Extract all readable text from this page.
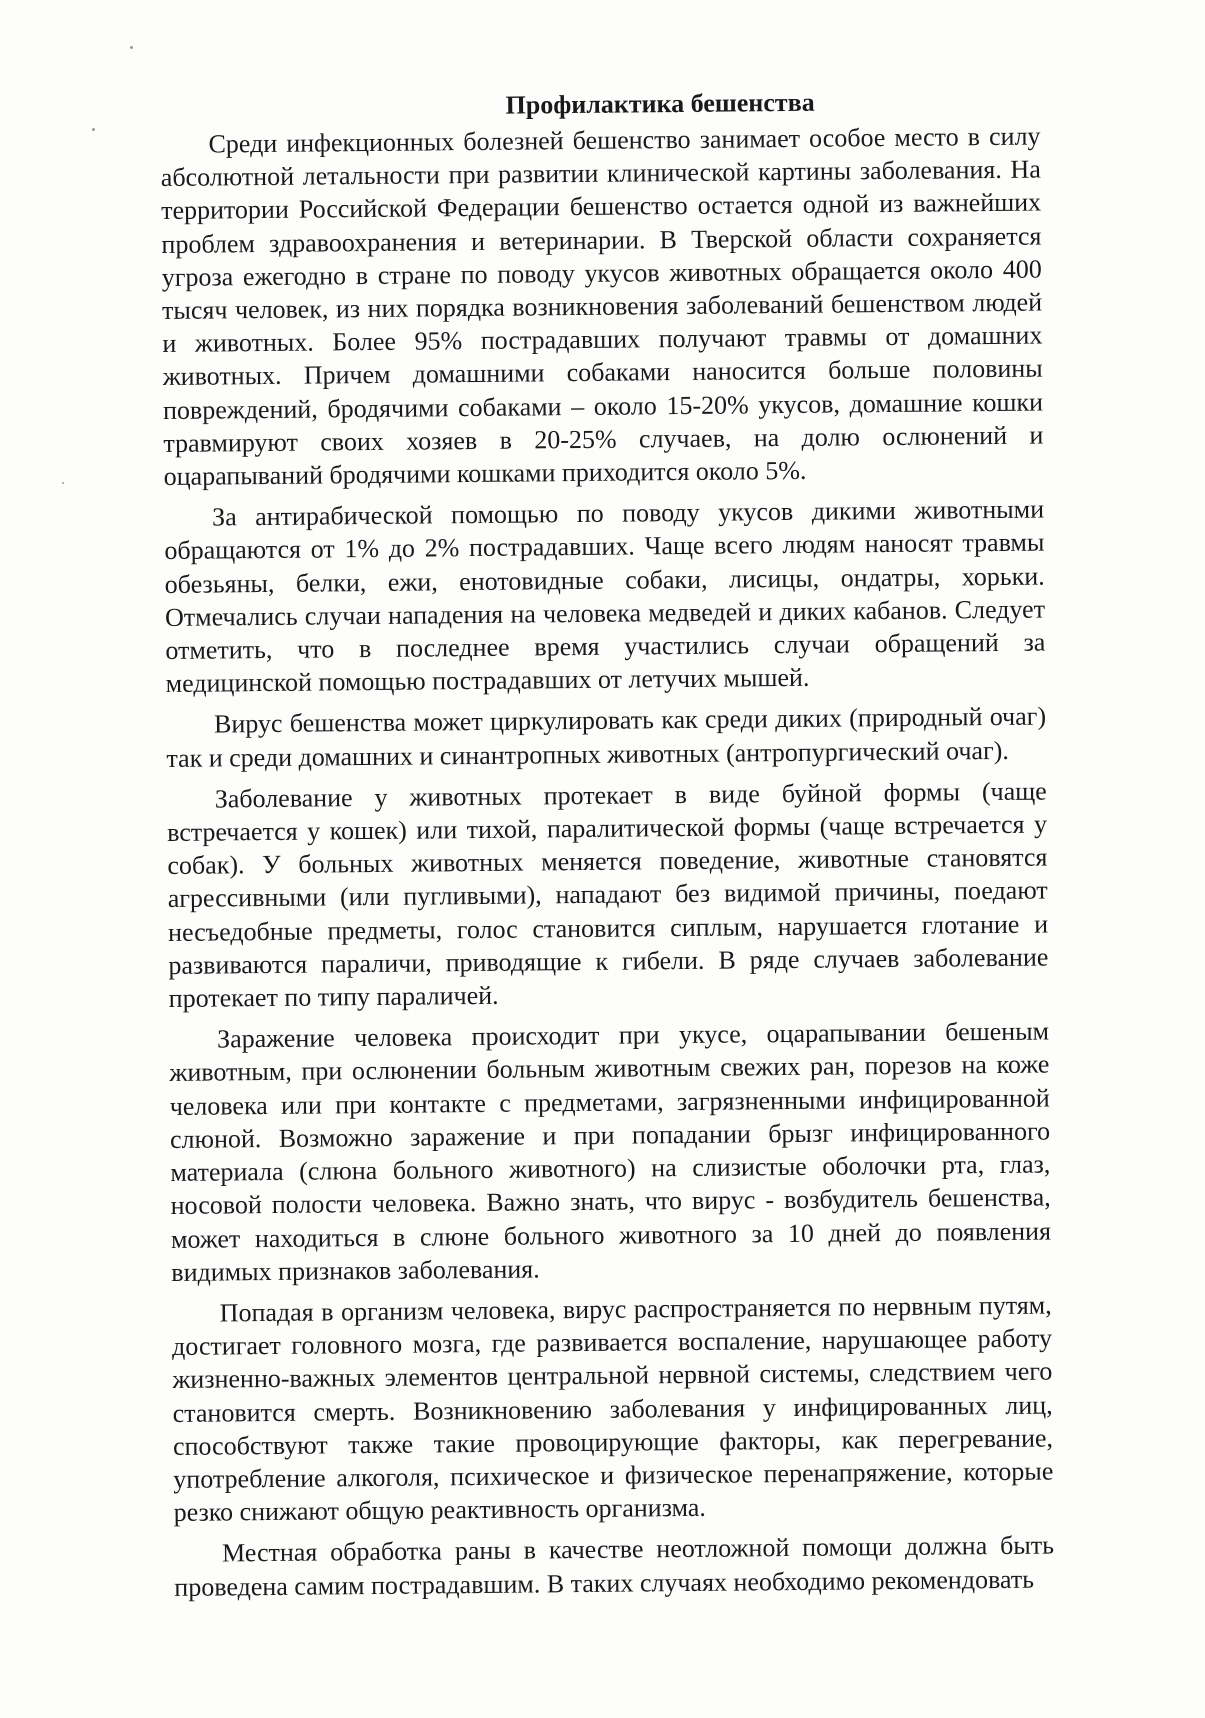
Профилактика бешенства

Среди инфекционных болезней бешенство занимает особое место в силу абсолютной летальности при развитии клинической картины заболевания. На территории Российской Федерации бешенство остается одной из важнейших проблем здравоохранения и ветеринарии. В Тверской области сохраняется угроза ежегодно в стране по поводу укусов животных обращается около 400 тысяч человек, из них порядка возникновения заболеваний бешенством людей и животных. Более 95% пострадавших получают травмы от домашних животных. Причем домашними собаками наносится больше половины повреждений, бродячими собаками – около 15-20% укусов, домашние кошки травмируют своих хозяев в 20-25% случаев, на долю ослюнений и оцарапываний бродячими кошками приходится около 5%.

За антирабической помощью по поводу укусов дикими животными обращаются от 1% до 2% пострадавших. Чаще всего людям наносят травмы обезьяны, белки, ежи, енотовидные собаки, лисицы, ондатры, хорьки. Отмечались случаи нападения на человека медведей и диких кабанов. Следует отметить, что в последнее время участились случаи обращений за медицинской помощью пострадавших от летучих мышей.

Вирус бешенства может циркулировать как среди диких (природный очаг) так и среди домашних и синантропных животных (антропургический очаг).

Заболевание у животных протекает в виде буйной формы (чаще встречается у кошек) или тихой, паралитической формы (чаще встречается у собак). У больных животных меняется поведение, животные становятся агрессивными (или пугливыми), нападают без видимой причины, поедают несъедобные предметы, голос становится сиплым, нарушается глотание и развиваются параличи, приводящие к гибели. В ряде случаев заболевание протекает по типу параличей.

Заражение человека происходит при укусе, оцарапывании бешеным животным, при ослюнении больным животным свежих ран, порезов на коже человека или при контакте с предметами, загрязненными инфицированной слюной. Возможно заражение и при попадании брызг инфицированного материала (слюна больного животного) на слизистые оболочки рта, глаз, носовой полости человека. Важно знать, что вирус - возбудитель бешенства, может находиться в слюне больного животного за 10 дней до появления видимых признаков заболевания.

Попадая в организм человека, вирус распространяется по нервным путям, достигает головного мозга, где развивается воспаление, нарушающее работу жизненно-важных элементов центральной нервной системы, следствием чего становится смерть. Возникновению заболевания у инфицированных лиц, способствуют также такие провоцирующие факторы, как перегревание, употребление алкоголя, психическое и физическое перенапряжение, которые резко снижают общую реактивность организма.

Местная обработка раны в качестве неотложной помощи должна быть проведена самим пострадавшим. В таких случаях необходимо рекомендовать
